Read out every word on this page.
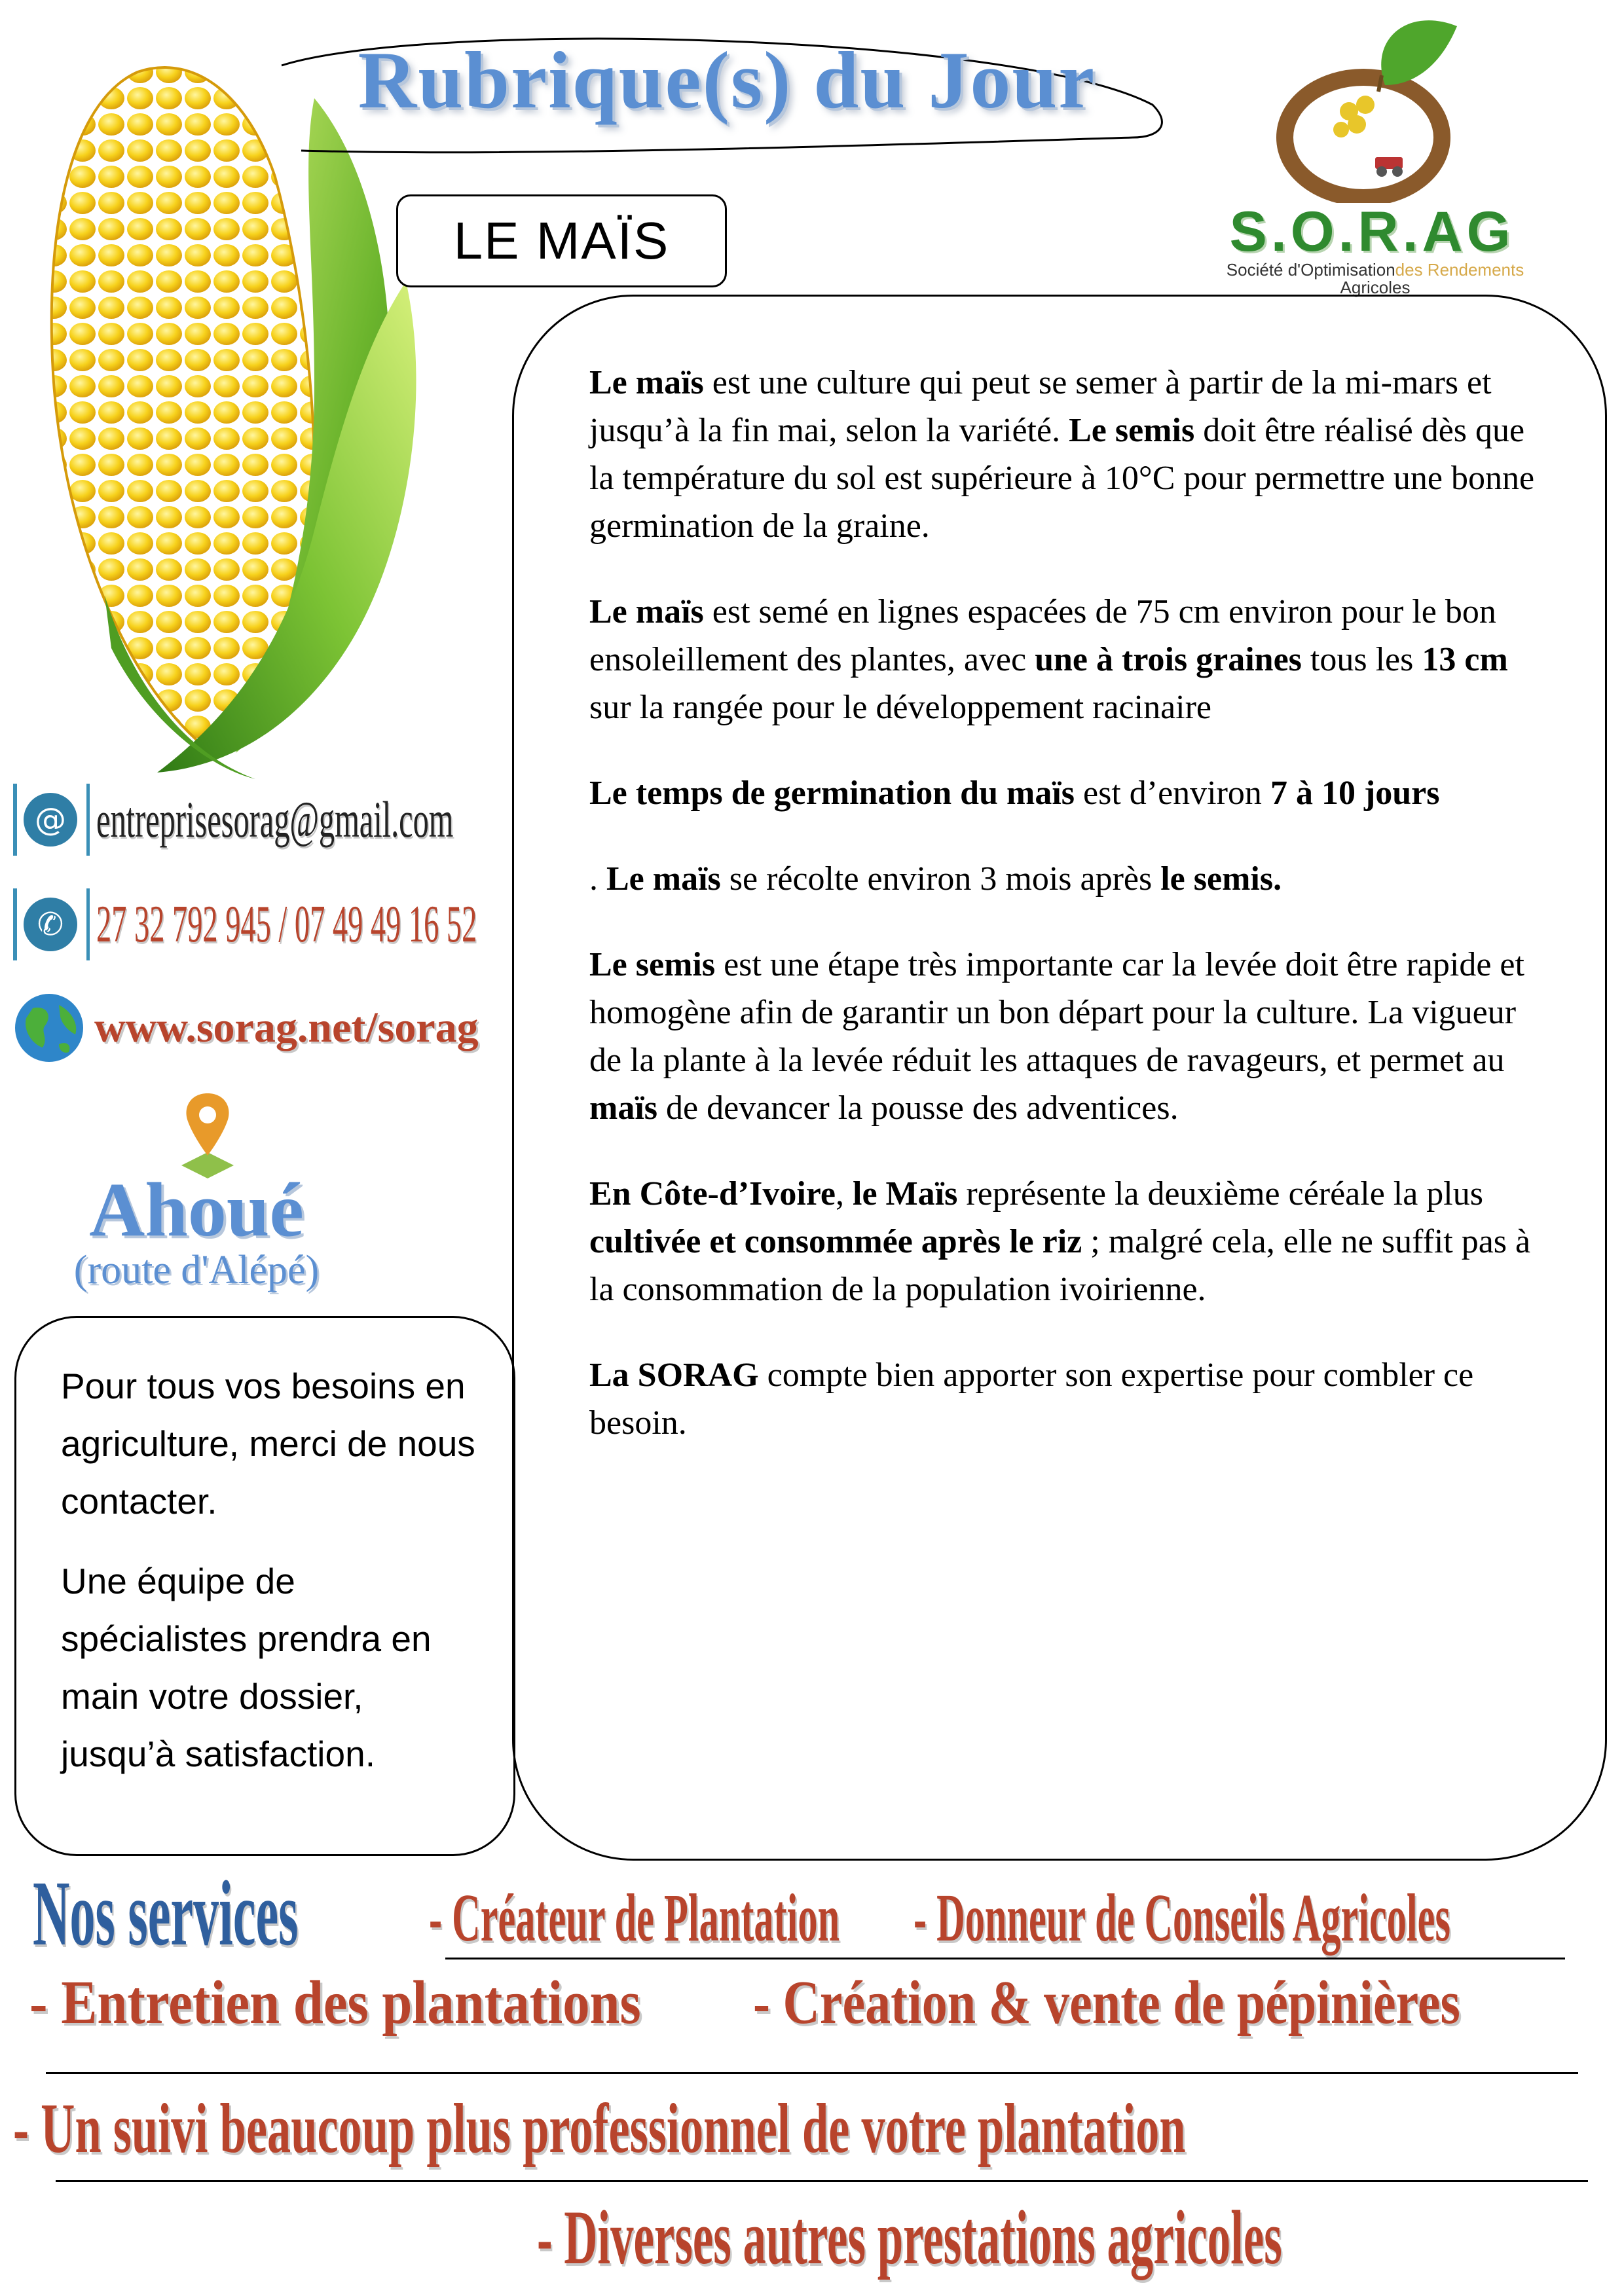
Rubrique(s) du Jour
LE MAÏS	S.O.R.AG
Société d'Optimisationdes Rendements
Agricoles
@ entreprisesorag@gmail.com
✆ 27 32 792 945 / 07 49 49 16 52
www.sorag.net/sorag
Ahoué
(route d'Alépé)

Pour tous vos besoins en agriculture, merci de nous contacter.

Une équipe de spécialistes prendra en main votre dossier, jusqu’à satisfaction.

Le maïs est une culture qui peut se semer à partir de la mi-mars et jusqu’à la fin mai, selon la variété. Le semis doit être réalisé dès que la température du sol est supérieure à 10°C pour permettre une bonne germination de la graine.

Le maïs est semé en lignes espacées de 75 cm environ pour le bon ensoleillement des plantes, avec une à trois graines tous les 13 cm sur la rangée pour le développement racinaire

Le temps de germination du maïs est d’environ 7 à 10 jours

. Le maïs se récolte environ 3 mois après le semis.

Le semis est une étape très importante car la levée doit être rapide et homogène afin de garantir un bon départ pour la culture. La vigueur de la plante à la levée réduit les attaques de ravageurs, et permet au maïs de devancer la pousse des adventices.

En Côte-d’Ivoire, le Maïs représente la deuxième céréale la plus cultivée et consommée après le riz ; malgré cela, elle ne suffit pas à la consommation de la population ivoirienne.

La SORAG compte bien apporter son expertise pour combler ce besoin.

Nos services - Créateur de Plantation - Donneur de Conseils Agricoles
- Entretien des plantations - Création & vente de pépinières
- Un suivi beaucoup plus professionnel de votre plantation
- Diverses autres prestations agricoles
